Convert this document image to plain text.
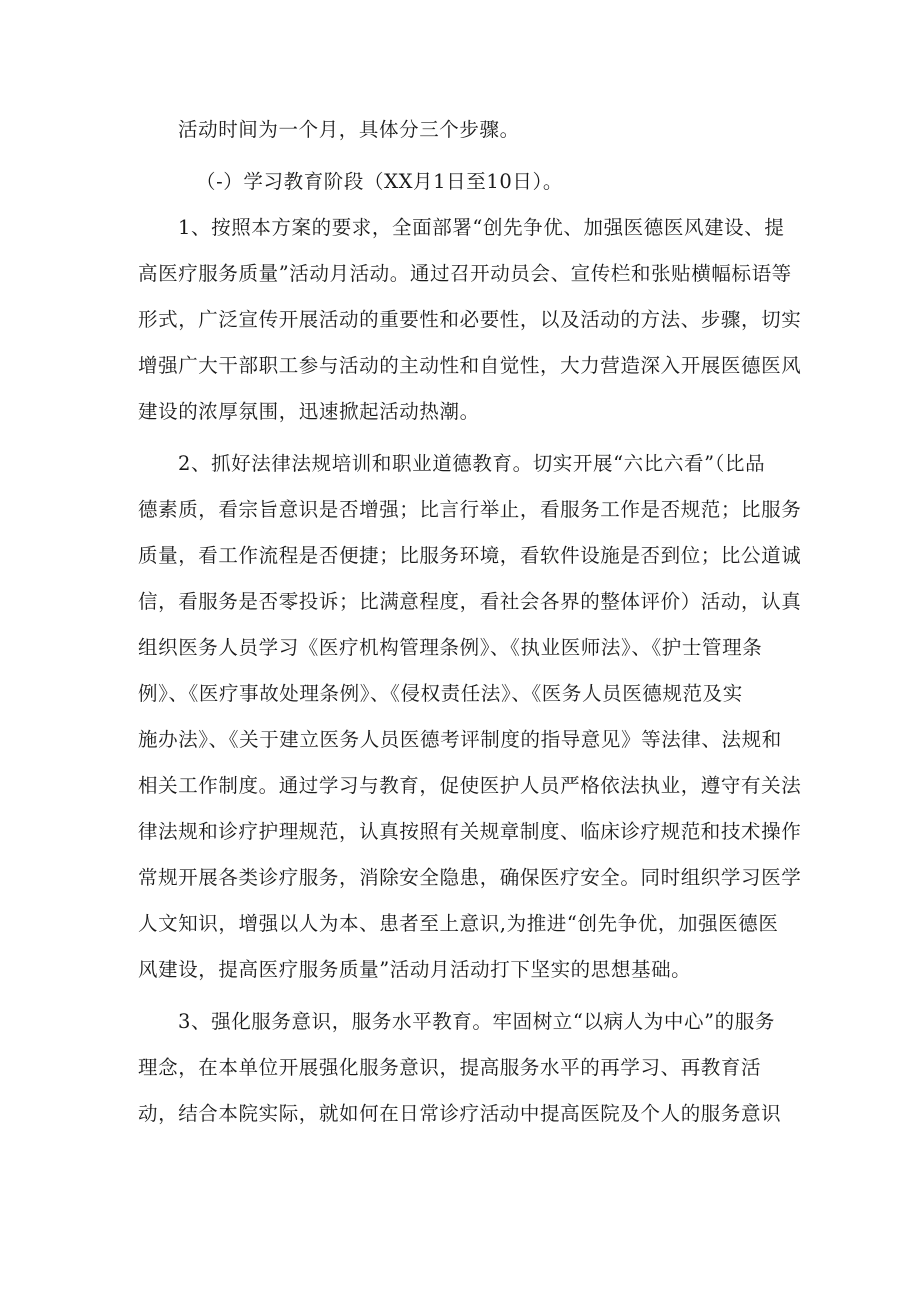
活动时间为一个月，具体分三个步骤。
（-）学习教育阶段（XX月1日至10日）。
1、按照本方案的要求，全面部署“创先争优、加强医德医风建设、提
高医疗服务质量”活动月活动。通过召开动员会、宣传栏和张贴横幅标语等
形式，广泛宣传开展活动的重要性和必要性，以及活动的方法、步骤，切实
增强广大干部职工参与活动的主动性和自觉性，大力营造深入开展医德医风
建设的浓厚氛围，迅速掀起活动热潮。
2、抓好法律法规培训和职业道德教育。切实开展“六比六看”（比品
德素质，看宗旨意识是否增强；比言行举止，看服务工作是否规范；比服务
质量，看工作流程是否便捷；比服务环境，看软件设施是否到位；比公道诚
信，看服务是否零投诉；比满意程度，看社会各界的整体评价）活动，认真
组织医务人员学习《医疗机构管理条例》、《执业医师法》、《护士管理条
例》、《医疗事故处理条例》、《侵权责任法》、《医务人员医德规范及实
施办法》、《关于建立医务人员医德考评制度的指导意见》等法律、法规和
相关工作制度。通过学习与教育，促使医护人员严格依法执业，遵守有关法
律法规和诊疗护理规范，认真按照有关规章制度、临床诊疗规范和技术操作
常规开展各类诊疗服务，消除安全隐患，确保医疗安全。同时组织学习医学
人文知识，增强以人为本、患者至上意识,为推进“创先争优，加强医德医
风建设，提高医疗服务质量”活动月活动打下坚实的思想基础。
3、强化服务意识，服务水平教育。牢固树立“以病人为中心”的服务
理念，在本单位开展强化服务意识，提高服务水平的再学习、再教育活
动，结合本院实际，就如何在日常诊疗活动中提高医院及个人的服务意识
